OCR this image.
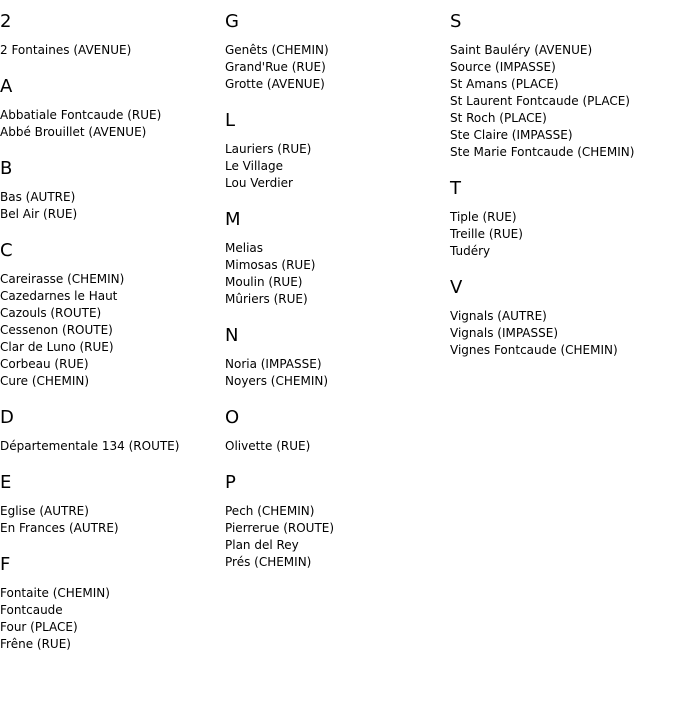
2
2 Fontaines (AVENUE)
A
Abbatiale Fontcaude (RUE)
Abbé Brouillet (AVENUE)
B
Bas (AUTRE)
Bel Air (RUE)
C
Careirasse (CHEMIN)
Cazedarnes le Haut
Cazouls (ROUTE)
Cessenon (ROUTE)
Clar de Luno (RUE)
Corbeau (RUE)
Cure (CHEMIN)
D
Départementale 134 (ROUTE)
E
Eglise (AUTRE)
En Frances (AUTRE)
F
Fontaite (CHEMIN)
Fontcaude
Four (PLACE)
Frêne (RUE)
G
Genêts (CHEMIN)
Grand'Rue (RUE)
Grotte (AVENUE)
L
Lauriers (RUE)
Le Village
Lou Verdier
M
Melias
Mimosas (RUE)
Moulin (RUE)
Mûriers (RUE)
N
Noria (IMPASSE)
Noyers (CHEMIN)
O
Olivette (RUE)
P
Pech (CHEMIN)
Pierrerue (ROUTE)
Plan del Rey
Prés (CHEMIN)
S
Saint Bauléry (AVENUE)
Source (IMPASSE)
St Amans (PLACE)
St Laurent Fontcaude (PLACE)
St Roch (PLACE)
Ste Claire (IMPASSE)
Ste Marie Fontcaude (CHEMIN)
T
Tiple (RUE)
Treille (RUE)
Tudéry
V
Vignals (AUTRE)
Vignals (IMPASSE)
Vignes Fontcaude (CHEMIN)
